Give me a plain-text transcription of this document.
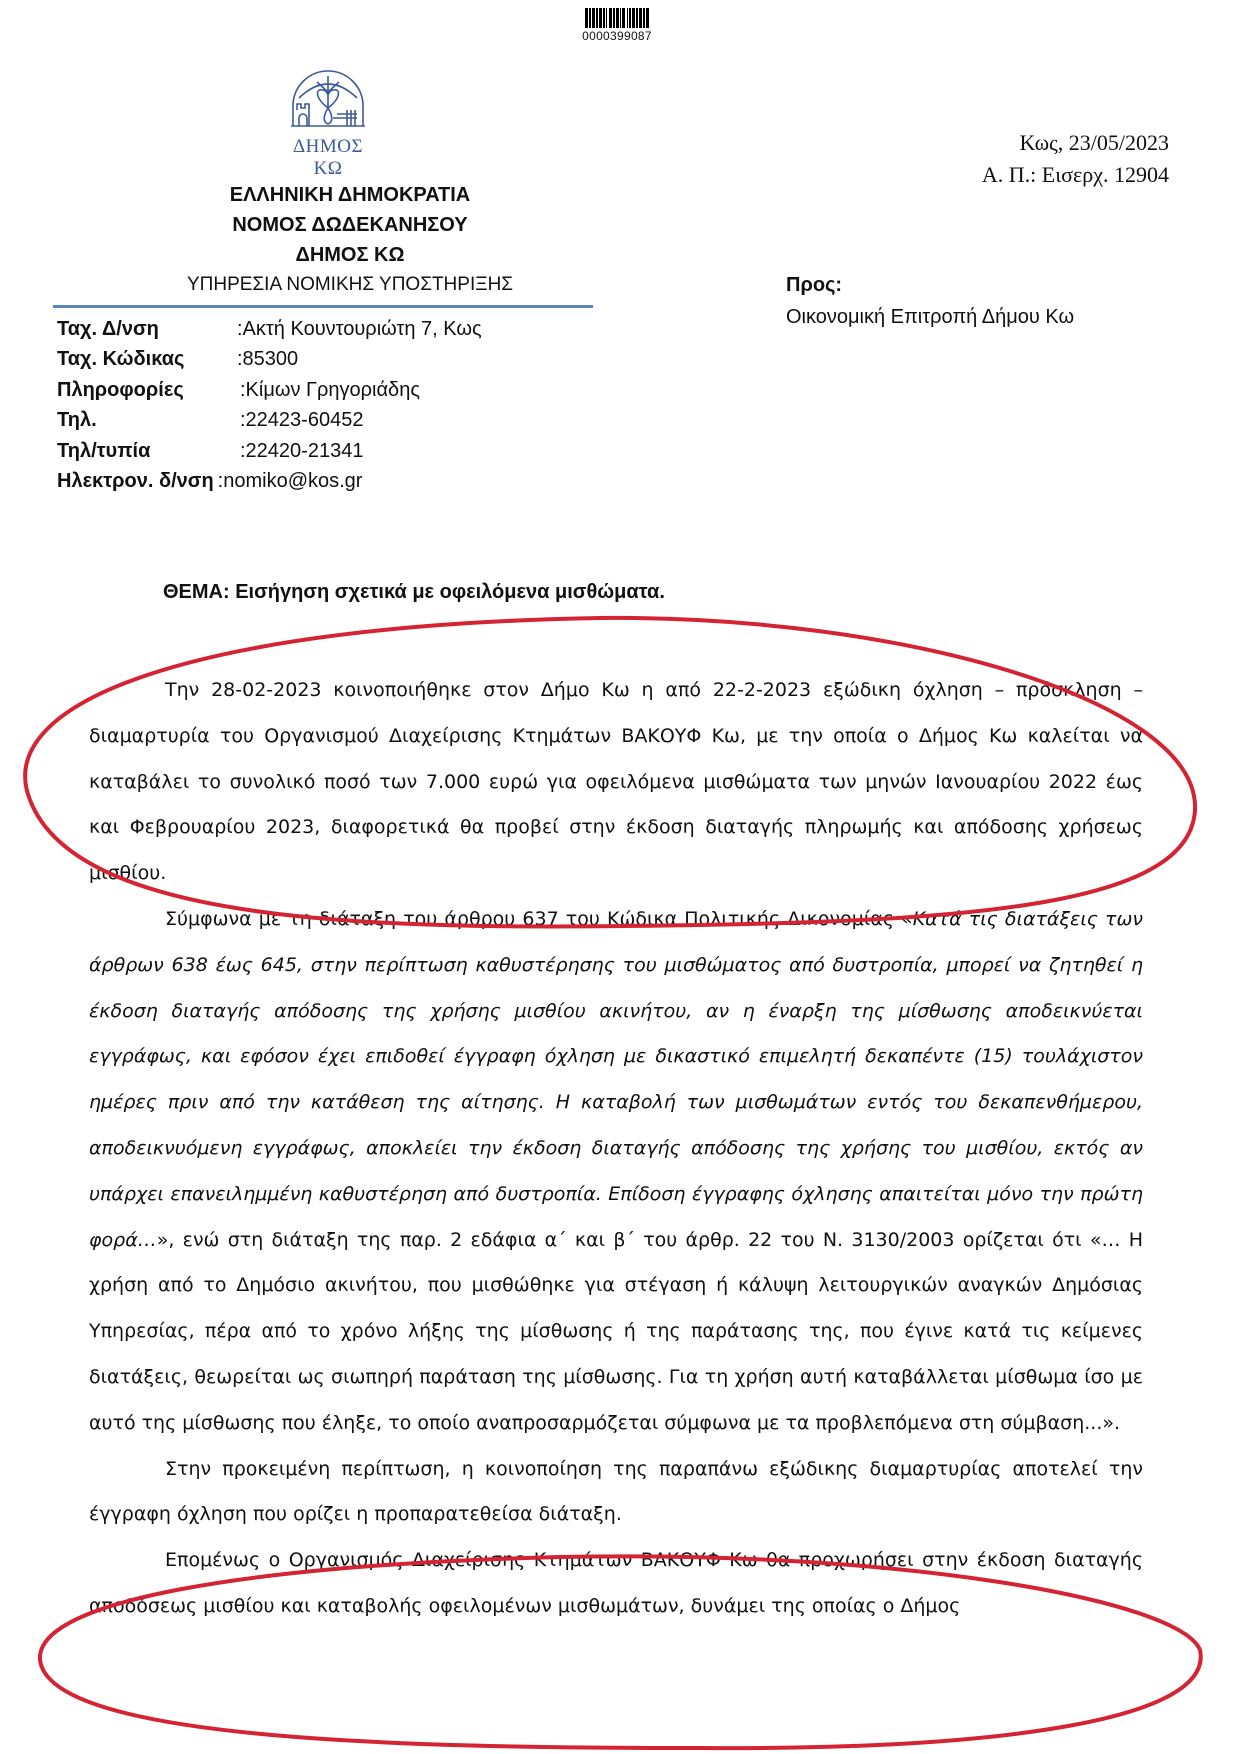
0000399087
ΔΗΜΟΣ ΚΩ
ΕΛΛΗΝΙΚΗ ΔΗΜΟΚΡΑΤΙΑ
ΝΟΜΟΣ ΔΩΔΕΚΑΝΗΣΟΥ
ΔΗΜΟΣ ΚΩ
ΥΠΗΡΕΣΙΑ ΝΟΜΙΚΗΣ ΥΠΟΣΤΗΡΙΞΗΣ
Ταχ. Δ/νση	:Ακτή Κουντουριώτη 7, Κως
Ταχ. Κώδικας	:85300
Πληροφορίες	:Κίμων Γρηγοριάδης
Τηλ.	:22423-60452
Τηλ/τυπία	:22420-21341
Ηλεκτρον. δ/νση :nomiko@kos.gr
Κως, 23/05/2023
Α. Π.: Εισερχ. 12904
Προς:
Οικονομική Επιτροπή Δήμου Κω
ΘΕΜΑ: Εισήγηση σχετικά με οφειλόμενα μισθώματα.

Την 28-02-2023 κοινοποιήθηκε στον Δήμο Κω η από 22-2-2023 εξώδικη όχληση – πρόσκληση – διαμαρτυρία του Οργανισμού Διαχείρισης Κτημάτων ΒΑΚΟΥΦ Κω, με την οποία ο Δήμος Κω καλείται να καταβάλει το συνολικό ποσό των 7.000 ευρώ για οφειλόμενα μισθώματα των μηνών Ιανουαρίου 2022 έως και Φεβρουαρίου 2023, διαφορετικά θα προβεί στην έκδοση διαταγής πληρωμής και απόδοσης χρήσεως μισθίου.

Σύμφωνα με τη διάταξη του άρθρου 637 του Κώδικα Πολιτικής Δικονομίας «Κατά τις διατάξεις των άρθρων 638 έως 645, στην περίπτωση καθυστέρησης του μισθώματος από δυστροπία, μπορεί να ζητηθεί η έκδοση διαταγής απόδοσης της χρήσης μισθίου ακινήτου, αν η έναρξη της μίσθωσης αποδεικνύεται εγγράφως, και εφόσον έχει επιδοθεί έγγραφη όχληση με δικαστικό επιμελητή δεκαπέντε (15) τουλάχιστον ημέρες πριν από την κατάθεση της αίτησης. Η καταβολή των μισθωμάτων εντός του δεκαπενθήμερου, αποδεικνυόμενη εγγράφως, αποκλείει την έκδοση διαταγής απόδοσης της χρήσης του μισθίου, εκτός αν υπάρχει επανειλημμένη καθυστέρηση από δυστροπία. Επίδοση έγγραφης όχλησης απαιτείται μόνο την πρώτη φορά…», ενώ στη διάταξη της παρ. 2 εδάφια α΄ και β΄ του άρθρ. 22 του Ν. 3130/2003 ορίζεται ότι «… Η χρήση από το Δημόσιο ακινήτου, που μισθώθηκε για στέγαση ή κάλυψη λειτουργικών αναγκών Δημόσιας Υπηρεσίας, πέρα από το χρόνο λήξης της μίσθωσης ή της παράτασης της, που έγινε κατά τις κείμενες διατάξεις, θεωρείται ως σιωπηρή παράταση της μίσθωσης. Για τη χρήση αυτή καταβάλλεται μίσθωμα ίσο με αυτό της μίσθωσης που έληξε, το οποίο αναπροσαρμόζεται σύμφωνα με τα προβλεπόμενα στη σύμβαση...».

Στην προκειμένη περίπτωση, η κοινοποίηση της παραπάνω εξώδικης διαμαρτυρίας αποτελεί την έγγραφη όχληση που ορίζει η προπαρατεθείσα διάταξη.

Επομένως ο Οργανισμός Διαχείρισης Κτημάτων ΒΑΚΟΥΦ Κω θα προχωρήσει στην έκδοση διαταγής αποδόσεως μισθίου και καταβολής οφειλομένων μισθωμάτων, δυνάμει της οποίας ο Δήμος
